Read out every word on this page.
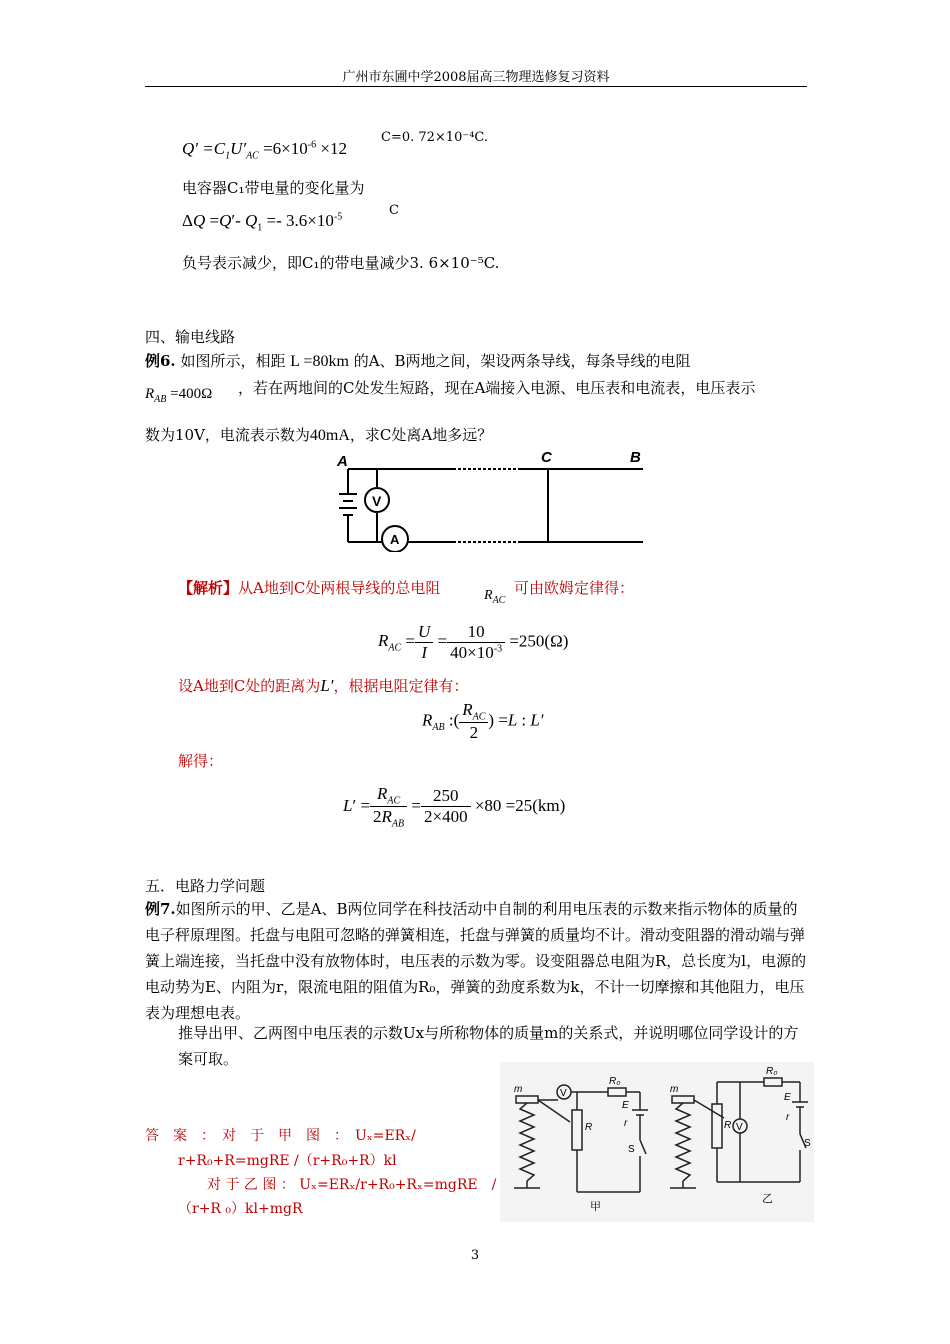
广州市东圃中学2008届高三物理选修复习资料
$Q' =C_1U'_{AC} =6\times 10^{-6} \times 12$
C=0. 72×10⁻⁴C.
电容器C₁带电量的变化量为
ΔQ =Q′- $Q_1 =- 3.6\times 10^{-5}$	C
负号表示减少，即C₁的带电量减少3. 6×10⁻⁵C.
四、输电线路
例6. 如图所示，相距 L =80km 的A、B两地之间，架设两条导线，每条导线的电阻
$R_{AB} =400\Omega$ ，若在两地间的C处发生短路，现在A端接入电源、电压表和电流表，电压表示
数为10V，电流表示数为40mA，求C处离A地多远？
A	C	B
V
A
【解析】从A地到C处两根导线的总电阻	$R_{AC}$
可由欧姆定律得：
$R_{AC} = \frac{U}{I} = \frac{10}{40\times 10^{-3}} =250(\Omega)$
设A地到C处的距离为L′，根据电阻定律有：
$R_{AB}$ :( $\frac{R_{AC}}{2}$ ) =L : L′
解得：
$L' = \frac{R_{AC}}{2R_{AB}} = \frac{250}{2\times 400} \times 80 =25(km)$
五．电路力学问题
例7.如图所示的甲、乙是A、B两位同学在科技活动中自制的利用电压表的示数来指示物体的质量的电子秤原理图。托盘与电阻可忽略的弹簧相连，托盘与弹簧的质量均不计。滑动变阻器的滑动端与弹簧上端连接，当托盘中没有放物体时，电压表的示数为零。设变阻器总电阻为R，总长度为l，电源的电动势为E、内阻为r，限流电阻的阻值为R₀，弹簧的劲度系数为k，不计一切摩擦和其他阻力，电压表为理想电表。
推导出甲、乙两图中电压表的示数Ux与所称物体的质量m的关系式，并说明哪位同学设计的方案可取。
答　案　：　对　于　甲　图　：　Uₓ=ERₓ/
r+R₀+R=mgRE /（r+R₀+R）kl
对 于 乙 图 ： Uₓ=ERₓ/r+R₀+Rₓ=mgRE　/
（r+R ₀）kl+mgR
m	V
R₀
R
E
r
S
甲
m
V
R₀
R
E
r
S
乙
3
